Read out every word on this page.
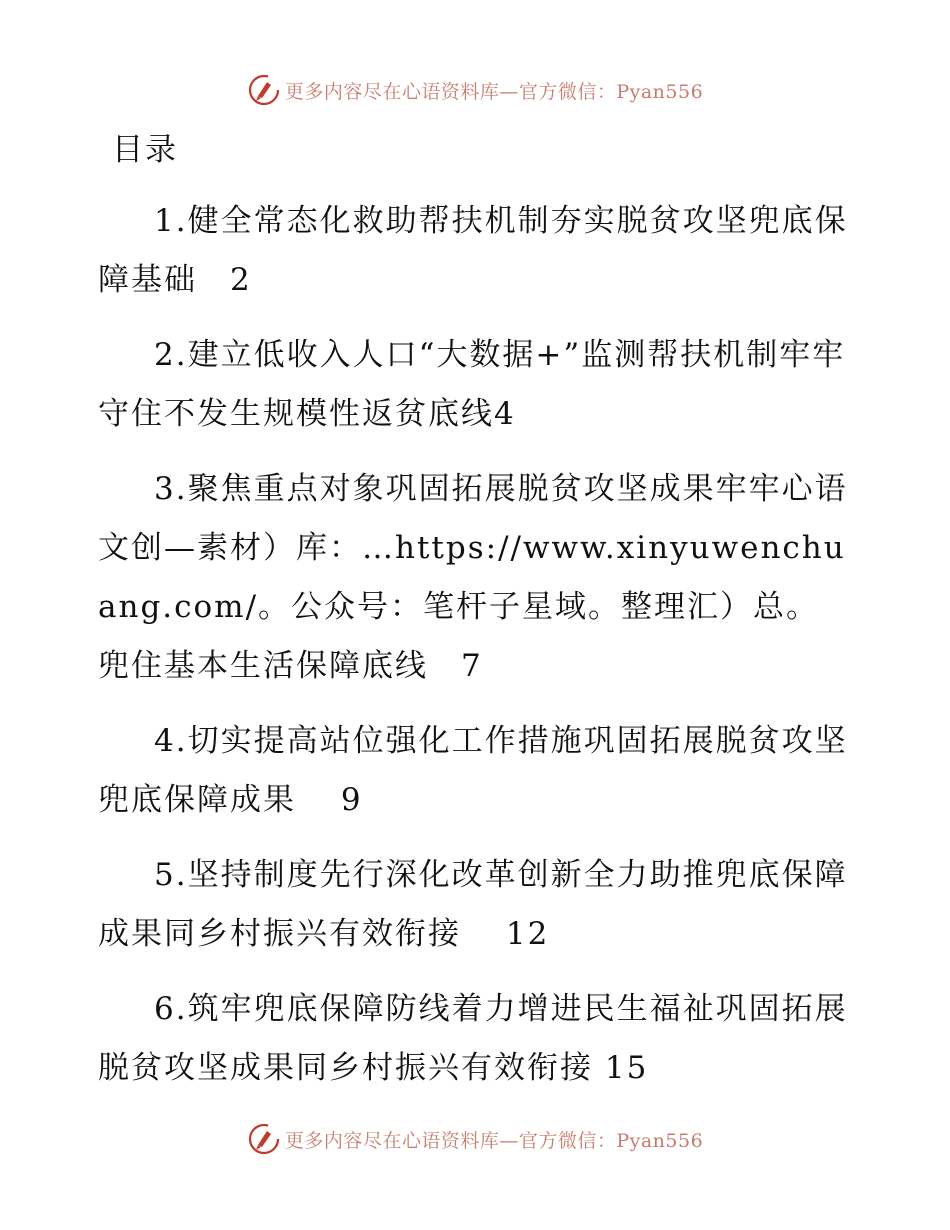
更多内容尽在心语资料库—官方微信：Pyan556
目录
1.健全常态化救助帮扶机制夯实脱贫攻坚兜底保障基础　2
2.建立低收入人口“大数据+”监测帮扶机制牢牢守住不发生规模性返贫底线4
3.聚焦重点对象巩固拓展脱贫攻坚成果牢牢心语文创—素材）库：…https://www.xinyuwenchuang.com/。公众号：笔杆子星域。整理汇）总。兜住基本生活保障底线　7
4.切实提高站位强化工作措施巩固拓展脱贫攻坚兜底保障成果　 9
5.坚持制度先行深化改革创新全力助推兜底保障成果同乡村振兴有效衔接　 12
6.筑牢兜底保障防线着力增进民生福祉巩固拓展脱贫攻坚成果同乡村振兴有效衔接 15
更多内容尽在心语资料库—官方微信：Pyan556
